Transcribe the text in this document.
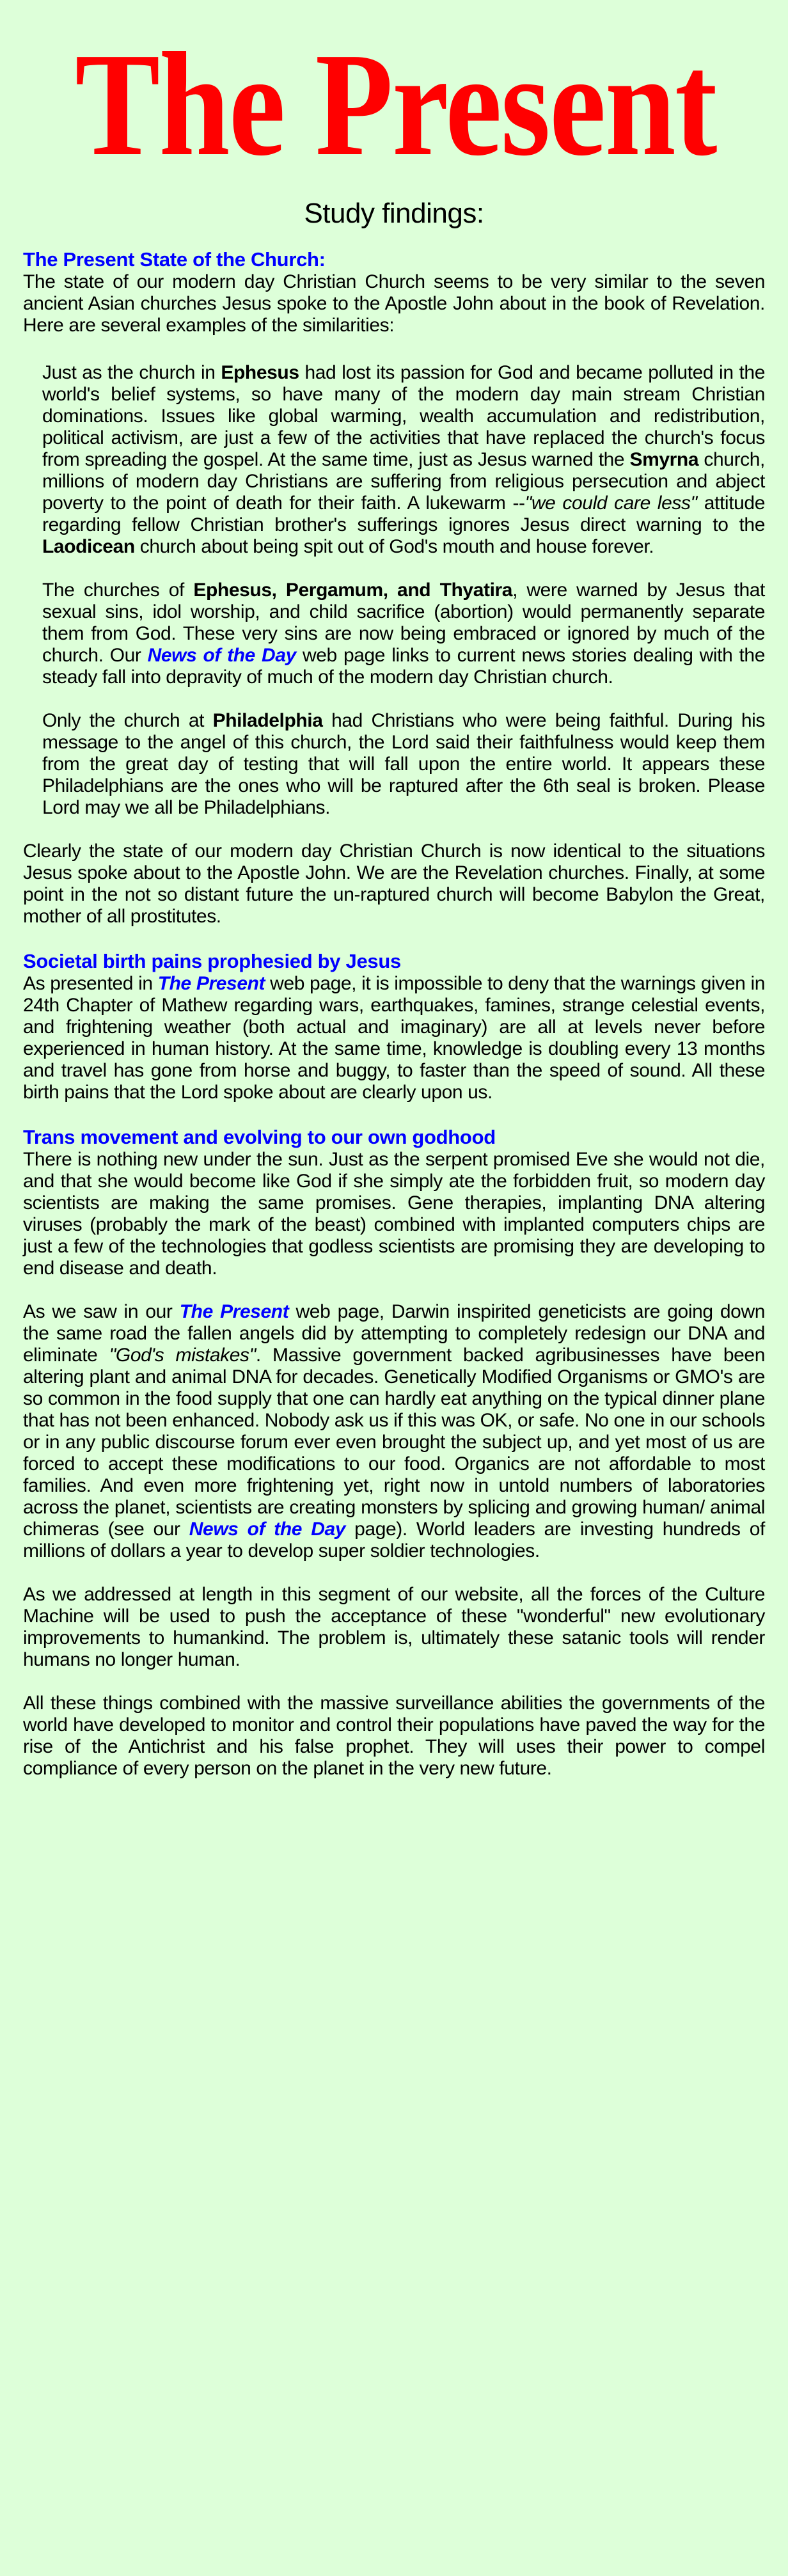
The Present
Study findings:
The Present State of the Church:

The state of our modern day Christian Church seems to be very similar to the seven ancient Asian churches Jesus spoke to the Apostle John about in the book of Revelation. Here are several examples of the similarities:

Just as the church in Ephesus had lost its passion for God and became polluted in the world's belief systems, so have many of the modern day main stream Christian dominations. Issues like global warming, wealth accumulation and redistribution, political activism, are just a few of the activities that have replaced the church's focus from spreading the gospel. At the same time, just as Jesus warned the Smyrna church, millions of modern day Christians are suffering from religious persecution and abject poverty to the point of death for their faith. A lukewarm --"we could care less" attitude regarding fellow Christian brother's sufferings ignores Jesus direct warning to the Laodicean church about being spit out of God's mouth and house forever.

The churches of Ephesus, Pergamum, and Thyatira, were warned by Jesus that sexual sins, idol worship, and child sacrifice (abortion) would permanently separate them from God. These very sins are now being embraced or ignored by much of the church. Our News of the Day web page links to current news stories dealing with the steady fall into depravity of much of the modern day Christian church.

Only the church at Philadelphia had Christians who were being faithful. During his message to the angel of this church, the Lord said their faithfulness would keep them from the great day of testing that will fall upon the entire world. It appears these Philadelphians are the ones who will be raptured after the 6th seal is broken. Please Lord may we all be Philadelphians.

Clearly the state of our modern day Christian Church is now identical to the situations Jesus spoke about to the Apostle John. We are the Revelation churches. Finally, at some point in the not so distant future the un-raptured church will become Babylon the Great, mother of all prostitutes.

Societal birth pains prophesied by Jesus

As presented in The Present web page, it is impossible to deny that the warnings given in 24th Chapter of Mathew regarding wars, earthquakes, famines, strange celestial events, and frightening weather (both actual and imaginary) are all at levels never before experienced in human history. At the same time, knowledge is doubling every 13 months and travel has gone from horse and buggy, to faster than the speed of sound. All these birth pains that the Lord spoke about are clearly upon us.

Trans movement and evolving to our own godhood

There is nothing new under the sun. Just as the serpent promised Eve she would not die, and that she would become like God if she simply ate the forbidden fruit, so modern day scientists are making the same promises. Gene therapies, implanting DNA altering viruses (probably the mark of the beast) combined with implanted computers chips are just a few of the technologies that godless scientists are promising they are developing to end disease and death.

As we saw in our The Present web page, Darwin inspirited geneticists are going down the same road the fallen angels did by attempting to completely redesign our DNA and eliminate "God's mistakes". Massive government backed agribusinesses have been altering plant and animal DNA for decades. Genetically Modified Organisms or GMO's are so common in the food supply that one can hardly eat anything on the typical dinner plane that has not been enhanced. Nobody ask us if this was OK, or safe. No one in our schools or in any public discourse forum ever even brought the subject up, and yet most of us are forced to accept these modifications to our food. Organics are not affordable to most families. And even more frightening yet, right now in untold numbers of laboratories across the planet, scientists are creating monsters by splicing and growing human/ animal chimeras (see our News of the Day page). World leaders are investing hundreds of millions of dollars a year to develop super soldier technologies.

As we addressed at length in this segment of our website, all the forces of the Culture Machine will be used to push the acceptance of these "wonderful" new evolutionary improvements to humankind. The problem is, ultimately these satanic tools will render humans no longer human.

All these things combined with the massive surveillance abilities the governments of the world have developed to monitor and control their populations have paved the way for the rise of the Antichrist and his false prophet. They will uses their power to compel compliance of every person on the planet in the very new future.
